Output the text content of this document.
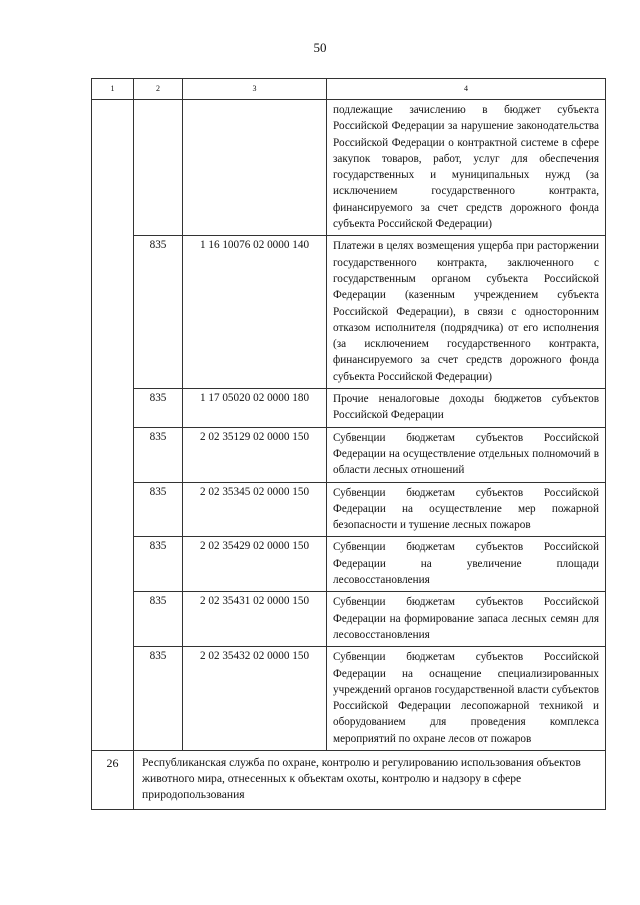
50
1	2	3	4
			подлежащие зачислению в бюджет субъекта Российской Федерации за нарушение законодательства Российской Федерации о контрактной системе в сфере закупок товаров, работ, услуг для обеспечения государственных и муниципальных нужд (за исключением государственного контракта, финансируемого за счет средств дорожного фонда субъекта Российской Федерации)
	835	1 16 10076 02 0000 140	Платежи в целях возмещения ущерба при расторжении государственного контракта, заключенного с государственным органом субъекта Российской Федерации (казенным учреждением субъекта Российской Федерации), в связи с односторонним отказом исполнителя (подрядчика) от его исполнения (за исключением государственного контракта, финансируемого за счет средств дорожного фонда субъекта Российской Федерации)
	835	1 17 05020 02 0000 180	Прочие неналоговые доходы бюджетов субъектов Российской Федерации
	835	2 02 35129 02 0000 150	Субвенции бюджетам субъектов Российской Федерации на осуществление отдельных полномочий в области лесных отношений
	835	2 02 35345 02 0000 150	Субвенции бюджетам субъектов Российской Федерации на осуществление мер пожарной безопасности и тушение лесных пожаров
	835	2 02 35429 02 0000 150	Субвенции бюджетам субъектов Российской Федерации на увеличение площади лесовосстановления
	835	2 02 35431 02 0000 150	Субвенции бюджетам субъектов Российской Федерации на формирование запаса лесных семян для лесовосстановления
	835	2 02 35432 02 0000 150	Субвенции бюджетам субъектов Российской Федерации на оснащение специализированных учреждений органов государственной власти субъектов Российской Федерации лесопожарной техникой и оборудованием для проведения комплекса мероприятий по охране лесов от пожаров
26	Республиканская служба по охране, контролю и регулированию использования объектов животного мира, отнесенных к объектам охоты, контролю и надзору в сфере природопользования		
